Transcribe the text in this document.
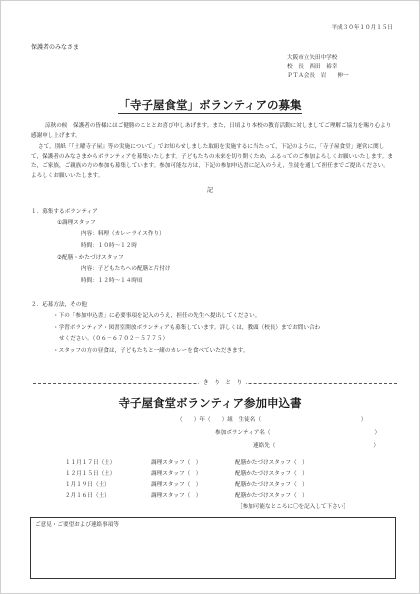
平成３０年１０月１５日
保護者のみなさま
大阪市立矢田中学校
校　長　西田　裕幸
ＰＴＡ会長　岩　　伸一
「寺子屋食堂」ボランティアの募集
涼秋の候　保護者の皆様にはご健勝のこととお喜び申しあげます。また，日頃より本校の教育活動に対しましてご理解ご協力を賜り心より感謝申し上げます。
さて，別紙「『土曜寺子屋』等の実施について」でお知らせしました取組を実施するに当たって，下記のように，「寺子屋食堂」運営に関して，保護者のみなさまからボランティアを募集いたします。子どもたちの未来を切り開くため，ふるってのご参加よろしくお願いいたします。また，ご家族，ご親族の方の参加も募集しています。参加可能な方は，下記の参加申込書に記入のうえ，生徒を通して担任までご提出ください。よろしくお願いいたします。
記
１．募集するボランティア
①調理スタッフ
内容：料理（カレーライス作り）
時間：１０時～１２時
②配膳・かたづけスタッフ
内容：子どもたちへの配膳と片付け
時間：１２時～１４時頃
２．応募方法，その他
・下の「参加申込書」に必要事項を記入のうえ，担任の先生へ提出してください。
・学習ボランティア・図書室開放ボランティアも募集しています。詳しくは，教頭（校長）までお問い合わ
せください。（０６－６７０２－５７７５）
・スタッフの方の昼食は，子どもたちと一緒のカレーを食べていただきます。
き　り　と　り
寺子屋食堂ボランティア参加申込書
（　　）年（　　）組　生徒名（	）
参加ボランティア名（	）
連絡先（	）
１１月１７日（土）	調理スタッフ（　）	配膳かたづけスタッフ（　）
１２月１５日（土）	調理スタッフ（　）	配膳かたづけスタッフ（　）
１月１９日（土）	調理スタッフ（　）	配膳かたづけスタッフ（　）
２月１６日（土）	調理スタッフ（　）	配膳かたづけスタッフ（　）
［参加可能なところに〇を記入して下さい］
ご意見・ご要望および連絡事項等
